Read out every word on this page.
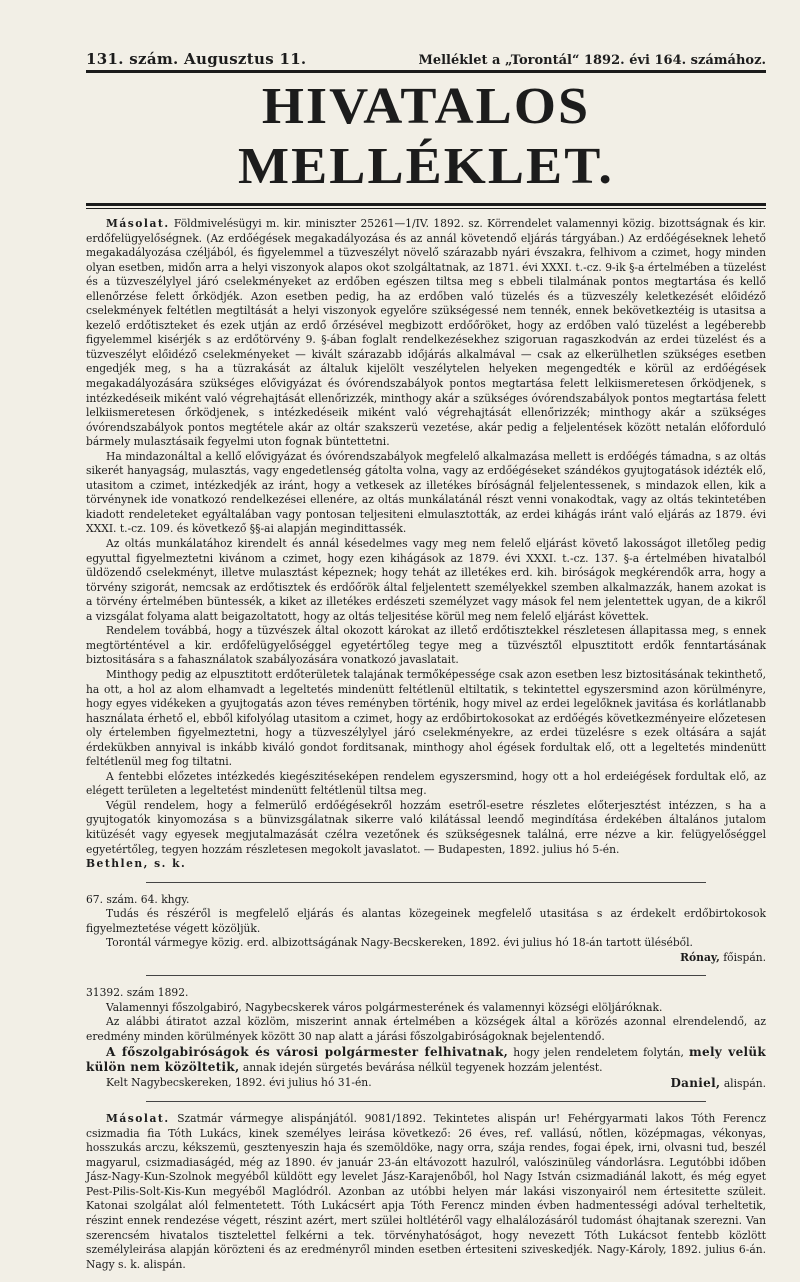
131. szám. Augusztus 11.	Melléklet a „Torontál“ 1892. évi 164. számához.
HIVATALOS MELLÉKLET.

Másolat. Földmivelésügyi m. kir. miniszter 25261—1/IV. 1892. sz. Körrendelet valamennyi közig. bizottságnak és kir. erdőfelügyelőségnek. (Az erdőégések megakadályozása és az annál követendő eljárás tárgyában.) Az erdőégéseknek lehető megakadályozása czéljából, és figyelemmel a tüzveszélyt növelő szárazabb nyári évszakra, felhivom a czimet, hogy minden olyan esetben, midőn arra a helyi viszonyok alapos okot szolgáltatnak, az 1871. évi XXXI. t.-cz. 9-ik §-a értelmében a tüzelést és a tüzveszélylyel járó cselekményeket az erdőben egészen tiltsa meg s ebbeli tilalmának pontos megtartása és kellő ellenőrzése felett őrködjék. Azon esetben pedig, ha az erdőben való tüzelés és a tüzveszély keletkezését előidéző cselekmények feltétlen megtiltását a helyi viszonyok egyelőre szükségessé nem tennék, ennek bekövetkeztéig is utasitsa a kezelő erdőtiszteket és ezek utján az erdő őrzésével megbizott erdőőröket, hogy az erdőben való tüzelést a legéberebb figyelemmel kisérjék s az erdőtörvény 9. §-ában foglalt rendelkezésekhez szigoruan ragaszkodván az erdei tüzelést és a tüzveszélyt előidéző cselekményeket — kivált szárazabb időjárás alkalmával — csak az elkerülhetlen szükséges esetben engedjék meg, s ha a tüzrakását az általuk kijelölt veszélytelen helyeken megengedték e körül az erdőégések megakadályozására szükséges elővigyázat és óvórendszabályok pontos megtartása felett lelkiismeretesen őrködjenek, s intézkedéseik miként való végrehajtását ellenőrizzék, minthogy akár a szükséges óvórendszabályok pontos megtartása felett lelkiismeretesen őrködjenek, s intézkedéseik miként való végrehajtását ellenőrizzék; minthogy akár a szükséges óvórendszabályok pontos megtétele akár az oltár szakszerü vezetése, akár pedig a feljelentések között netalán előforduló bármely mulasztásaik fegyelmi uton fognak büntettetni.

Ha mindazonáltal a kellő elővigyázat és óvórendszabályok megfelelő alkalmazása mellett is erdőégés támadna, s az oltás sikerét hanyagság, mulasztás, vagy engedetlenség gátolta volna, vagy az erdőégéseket szándékos gyujtogatások idézték elő, utasitom a czimet, intézkedjék az iránt, hogy a vetkesek az illetékes bíróságnál feljelentessenek, s mindazok ellen, kik a törvénynek ide vonatkozó rendelkezései ellenére, az oltás munkálatánál részt venni vonakodtak, vagy az oltás tekintetében kiadott rendeleteket egyáltalában vagy pontosan teljesiteni elmulasztották, az erdei kihágás iránt való eljárás az 1879. évi XXXI. t.-cz. 109. és következő §§-ai alapján megindittassék.

Az oltás munkálatához kirendelt és annál késedelmes vagy meg nem felelő eljárást követő lakosságot illetőleg pedig egyuttal figyelmeztetni kivánom a czimet, hogy ezen kihágások az 1879. évi XXXI. t.-cz. 137. §-a értelmében hivatalból üldözendő cselekményt, illetve mulasztást képeznek; hogy tehát az illetékes erd. kih. biróságok megkérendők arra, hogy a törvény szigorát, nemcsak az erdőtisztek és erdőőrök által feljelentett személyekkel szemben alkalmazzák, hanem azokat is a törvény értelmében büntessék, a kiket az illetékes erdészeti személyzet vagy mások fel nem jelentettek ugyan, de a kikről a vizsgálat folyama alatt beigazoltatott, hogy az oltás teljesitése körül meg nem felelő eljárást követtek.

Rendelem továbbá, hogy a tüzvészek által okozott károkat az illető erdőtisztekkel részletesen állapitassa meg, s ennek megtörténtével a kir. erdőfelügyelőséggel egyetértőleg tegye meg a tüzvésztől elpusztitott erdők fenntartásának biztositására s a fahasználatok szabályozására vonatkozó javaslatait.

Minthogy pedig az elpusztitott erdőterületek talajának termőképessége csak azon esetben lesz biztositásának tekinthető, ha ott, a hol az alom elhamvadt a legeltetés mindenütt feltétlenül eltiltatik, s tekintettel egyszersmind azon körülményre, hogy egyes vidékeken a gyujtogatás azon téves reményben történik, hogy mivel az erdei legelőknek javitása és korlátlanabb használata érhető el, ebből kifolyólag utasitom a czimet, hogy az erdőbirtokosokat az erdőégés következményeire előzetesen oly értelemben figyelmeztetni, hogy a tüzveszélylyel járó cselekményekre, az erdei tüzelésre s ezek oltására a saját érdekükben annyival is inkább kiváló gondot forditsanak, minthogy ahol égések fordultak elő, ott a legeltetés mindenütt feltétlenül meg fog tiltatni.

A fentebbi előzetes intézkedés kiegészitéseképen rendelem egyszersmind, hogy ott a hol erdeiégések fordultak elő, az elégett területen a legeltetést mindenütt feltétlenül tiltsa meg.

Végül rendelem, hogy a felmerülő erdőégésekről hozzám esetről-esetre részletes előterjesztést intézzen, s ha a gyujtogatók kinyomozása s a bünvizsgálatnak sikerre való kilátással leendő megindítása érdekében általános jutalom kitüzését vagy egyesek megjutalmazását czélra vezetőnek és szükségesnek találná, erre nézve a kir. felügyelőséggel egyetértőleg, tegyen hozzám részletesen megokolt javaslatot. — Budapesten, 1892. julius hó 5-én.

Bethlen, s. k.

67. szám. 64. khgy.

Tudás és részéről is megfelelő eljárás és alantas közegeinek megfelelő utasitása s az érdekelt erdőbirtokosok figyelmeztetése végett közöljük.

Torontál vármegye közig. erd. albizottságának Nagy-Becskereken, 1892. évi julius hó 18-án tartott üléséből.

Rónay, főispán.

31392. szám 1892.

Valamennyi főszolgabiró, Nagybecskerek város polgármesterének és valamennyi községi elöljáróknak.

Az alábbi átiratot azzal közlöm, miszerint annak értelmében a községek által a körözés azonnal elrendelendő, az eredmény minden körülmények között 30 nap alatt a járási főszolgabiróságoknak bejelentendő.

A főszolgabiróságok és városi polgármester felhivatnak, hogy jelen rendeletem folytán, mely velük külön nem közöltetik, annak idején sürgetés bevárása nélkül tegyenek hozzám jelentést.

Kelt Nagybecskereken, 1892. évi julius hó 31-én.	Daniel, alispán.

Másolat. Szatmár vármegye alispánjától. 9081/1892. Tekintetes alispán ur! Fehérgyarmati lakos Tóth Ferencz csizmadia fia Tóth Lukács, kinek személyes leirása következő: 26 éves, ref. vallású, nőtlen, középmagas, vékonyas, hosszukás arczu, kékszemü, gesztenyeszin haja és szemöldöke, nagy orra, szája rendes, fogai épek, irni, olvasni tud, beszél magyarul, csizmadiaságéd, még az 1890. év január 23-án eltávozott hazulról, valószinüleg vándorlásra. Legutóbbi időben Jász-Nagy-Kun-Szolnok megyéből küldött egy levelet Jász-Karajenőből, hol Nagy István csizmadiánál lakott, és még egyet Pest-Pilis-Solt-Kis-Kun megyéből Maglódról. Azonban az utóbbi helyen már lakási viszonyairól nem értesitette szüleit. Katonai szolgálat alól felmentetett. Tóth Lukácsért apja Tóth Ferencz minden évben hadmentességi adóval terheltetik, részint ennek rendezése végett, részint azért, mert szülei holtlétéről vagy elhalálozásáról tudomást óhajtanak szerezni. Van szerencsém hivatalos tisztelettel felkérni a tek. törvényhatóságot, hogy nevezett Tóth Lukácsot fentebb közlött személyleirása alapján körözteni és az eredményről minden esetben értesiteni sziveskedjék. Nagy-Károly, 1892. julius 6-án. Nagy s. k. alispán.
